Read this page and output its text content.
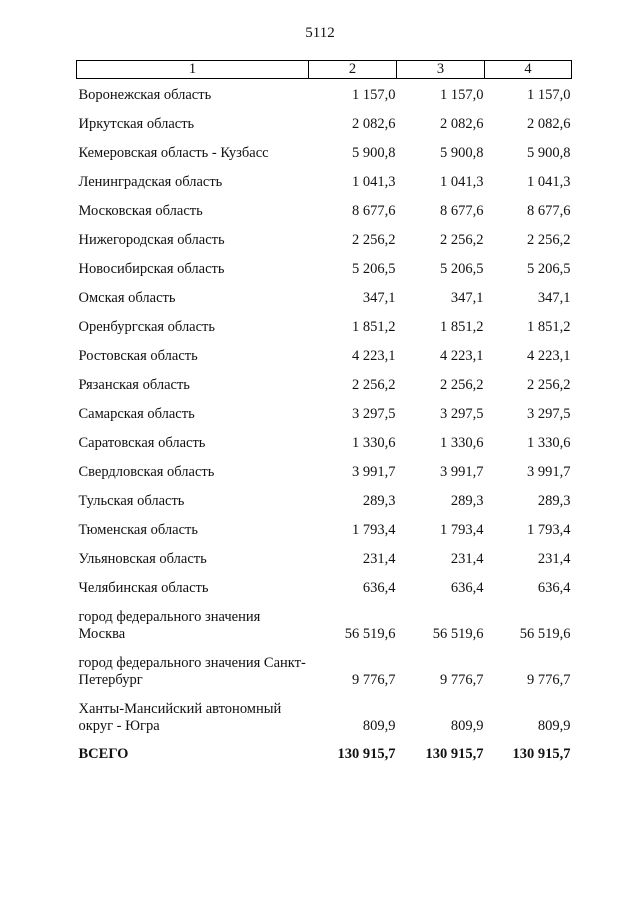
5112
1	2	3	4
Воронежская область	1 157,0	1 157,0	1 157,0
Иркутская область	2 082,6	2 082,6	2 082,6
Кемеровская область - Кузбасс	5 900,8	5 900,8	5 900,8
Ленинградская область	1 041,3	1 041,3	1 041,3
Московская область	8 677,6	8 677,6	8 677,6
Нижегородская область	2 256,2	2 256,2	2 256,2
Новосибирская область	5 206,5	5 206,5	5 206,5
Омская область	347,1	347,1	347,1
Оренбургская область	1 851,2	1 851,2	1 851,2
Ростовская область	4 223,1	4 223,1	4 223,1
Рязанская область	2 256,2	2 256,2	2 256,2
Самарская область	3 297,5	3 297,5	3 297,5
Саратовская область	1 330,6	1 330,6	1 330,6
Свердловская область	3 991,7	3 991,7	3 991,7
Тульская область	289,3	289,3	289,3
Тюменская область	1 793,4	1 793,4	1 793,4
Ульяновская область	231,4	231,4	231,4
Челябинская область	636,4	636,4	636,4
город федерального значения Москва	56 519,6	56 519,6	56 519,6
город федерального значения Санкт-Петербург	9 776,7	9 776,7	9 776,7
Ханты-Мансийский автономный округ - Югра	809,9	809,9	809,9
ВСЕГО	130 915,7	130 915,7	130 915,7
